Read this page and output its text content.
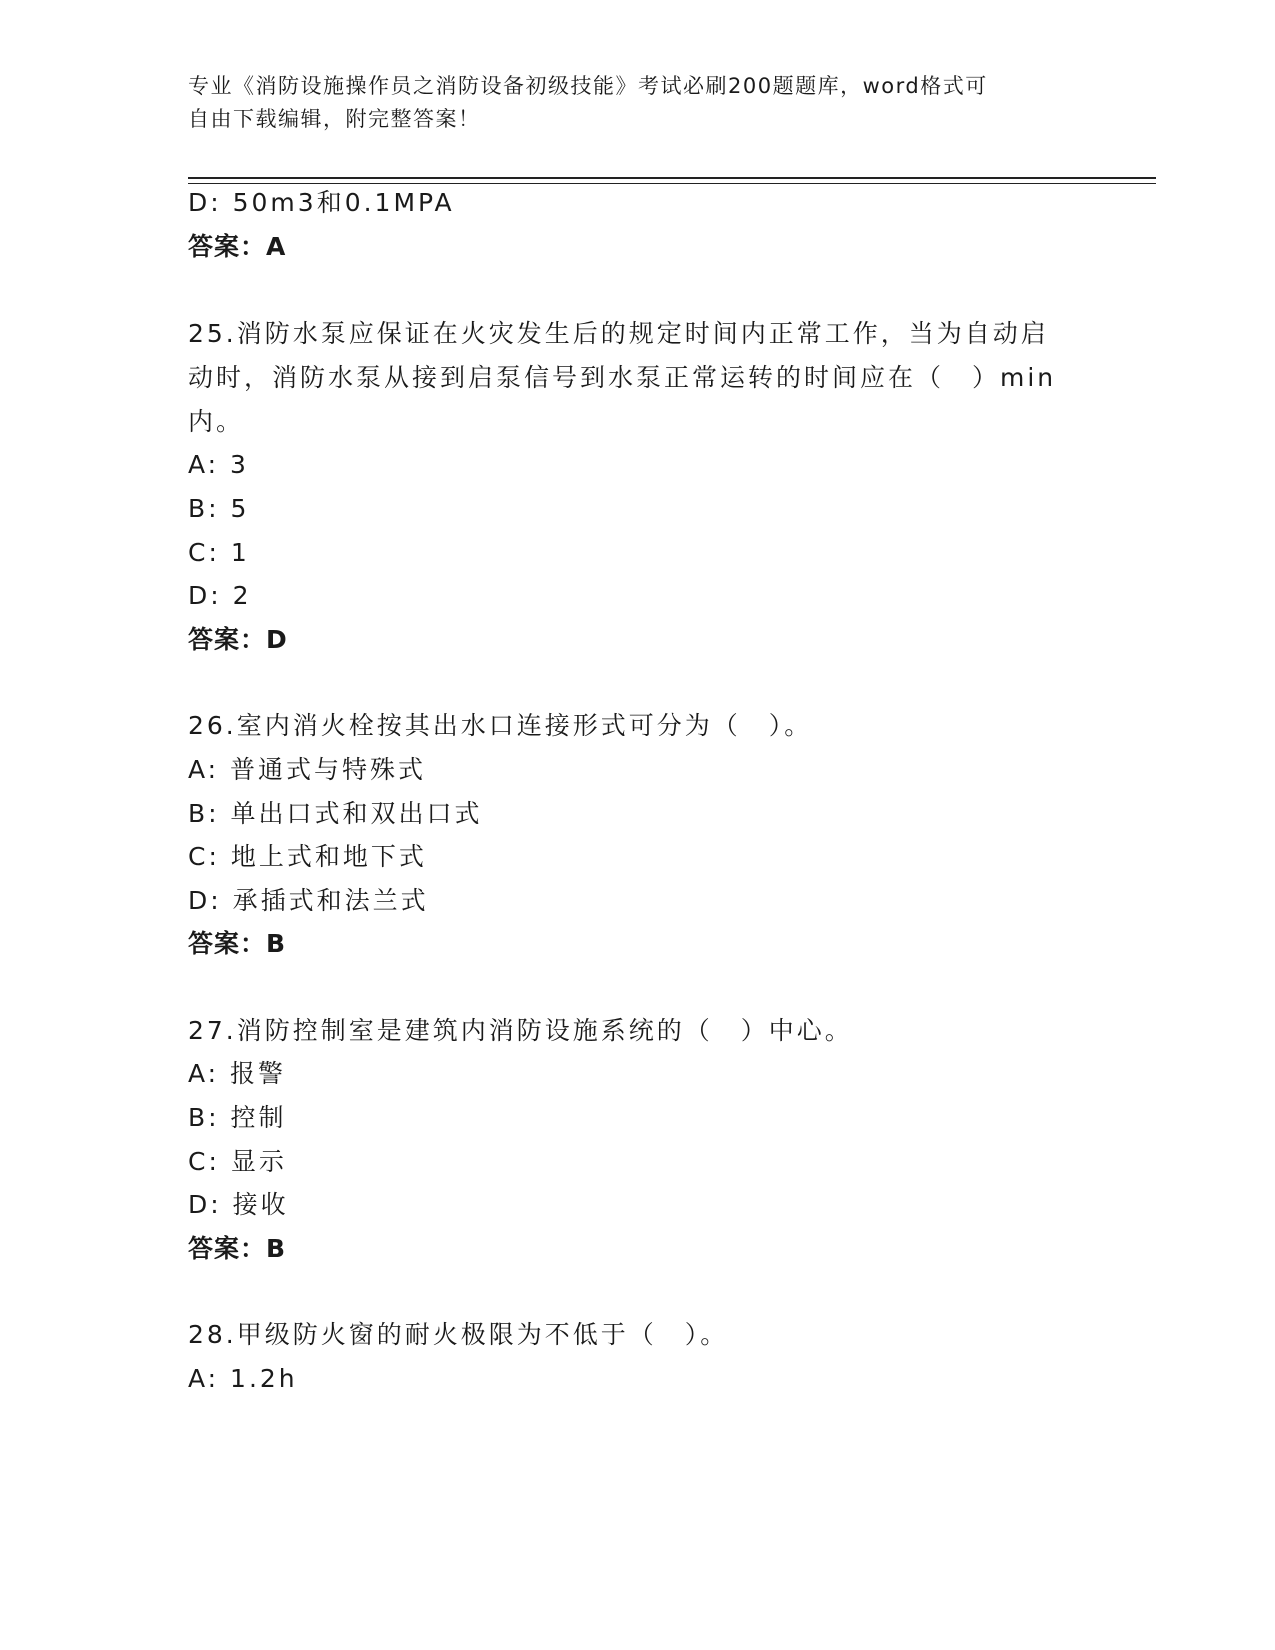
专业《消防设施操作员之消防设备初级技能》考试必刷200题题库，word格式可
自由下载编辑，附完整答案！
D: 50m3和0.1MPA
答案：A
25.消防水泵应保证在火灾发生后的规定时间内正常工作，当为自动启
动时，消防水泵从接到启泵信号到水泵正常运转的时间应在（　）min
内。
A: 3
B: 5
C: 1
D: 2
答案：D
26.室内消火栓按其出水口连接形式可分为（　）。
A: 普通式与特殊式
B: 单出口式和双出口式
C: 地上式和地下式
D: 承插式和法兰式
答案：B
27.消防控制室是建筑内消防设施系统的（　）中心。
A: 报警
B: 控制
C: 显示
D: 接收
答案：B
28.甲级防火窗的耐火极限为不低于（　）。
A: 1.2h
